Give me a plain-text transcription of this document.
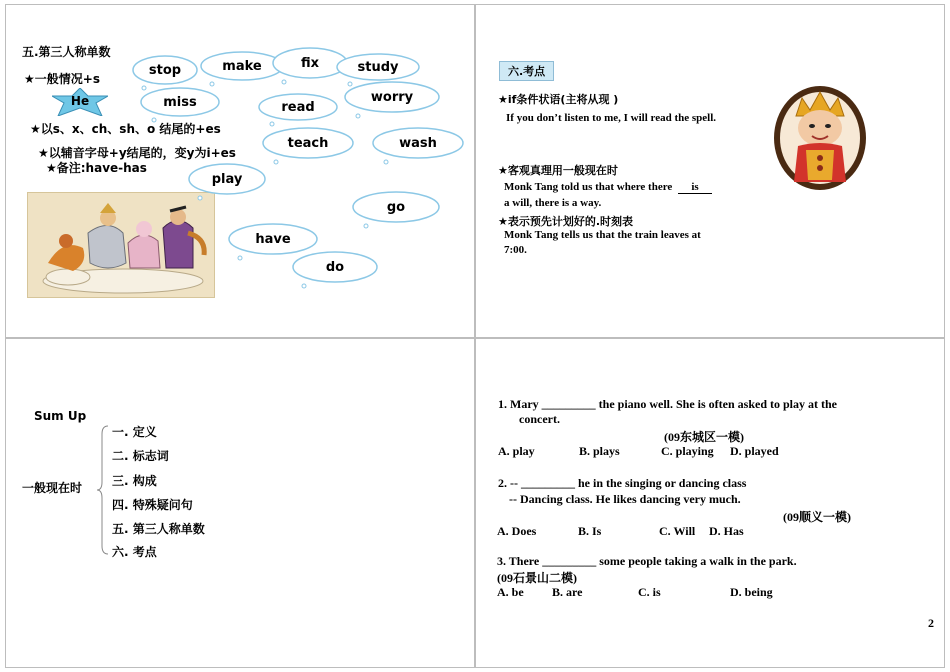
五.第三人称单数
★一般情况+s
He
★以s、x、ch、sh、o 结尾的+es
★以辅音字母+y结尾的，变y为i+es
★备注:have-has
stop	make	fix	study
miss	worry
read
teach	wash
play
go
have
do
六.考点
★if条件状语(主将从现 )
If you don’t listen to me, I will read the spell.
★客观真理用一般现在时
Monk Tang told us that where there is
a will, there is a way.
★表示预先计划好的.时刻表
Monk Tang tells us that the train leaves at
7:00.
Sum Up
一般现在时
一. 定义
二. 标志词
三. 构成
四. 特殊疑问句
五. 第三人称单数
六. 考点
1. Mary _________ the piano well. She is often asked to play at the
concert.
(09东城区一模)
A. play	B. plays	C. playing D. played
2. -- _________ he in the singing or dancing class
-- Dancing class. He likes dancing very much.
(09顺义一模)
A. Does	B. Is	C. Will D. Has
3. There _________ some people taking a walk in the park.
(09石景山二模)
A. be B. are	C. is	D. being
2
